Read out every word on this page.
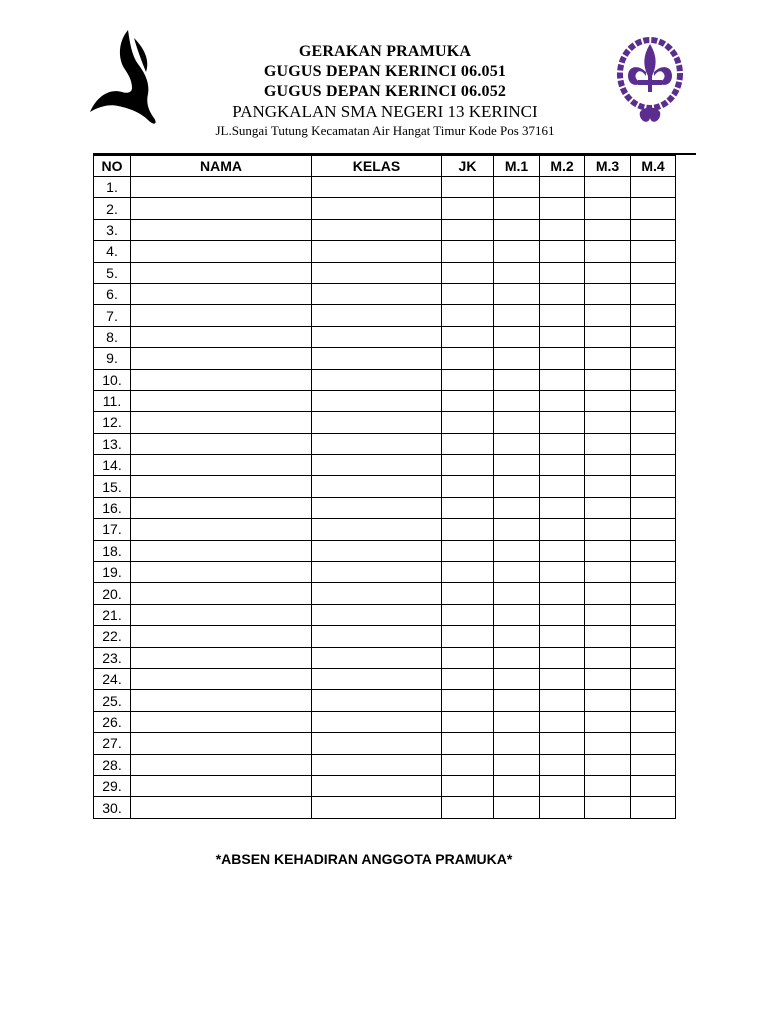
GERAKAN PRAMUKA
GUGUS DEPAN KERINCI 06.051
GUGUS DEPAN KERINCI 06.052
PANGKALAN SMA NEGERI 13 KERINCI
JL.Sungai Tutung Kecamatan Air Hangat Timur Kode Pos 37161
NO	NAMA	KELAS	JK	M.1	M.2	M.3	M.4
1.							
2.							
3.							
4.							
5.							
6.							
7.							
8.							
9.							
10.							
11.							
12.							
13.							
14.							
15.							
16.							
17.							
18.							
19.							
20.							
21.							
22.							
23.							
24.							
25.							
26.							
27.							
28.							
29.							
30.							
*ABSEN KEHADIRAN ANGGOTA PRAMUKA*
